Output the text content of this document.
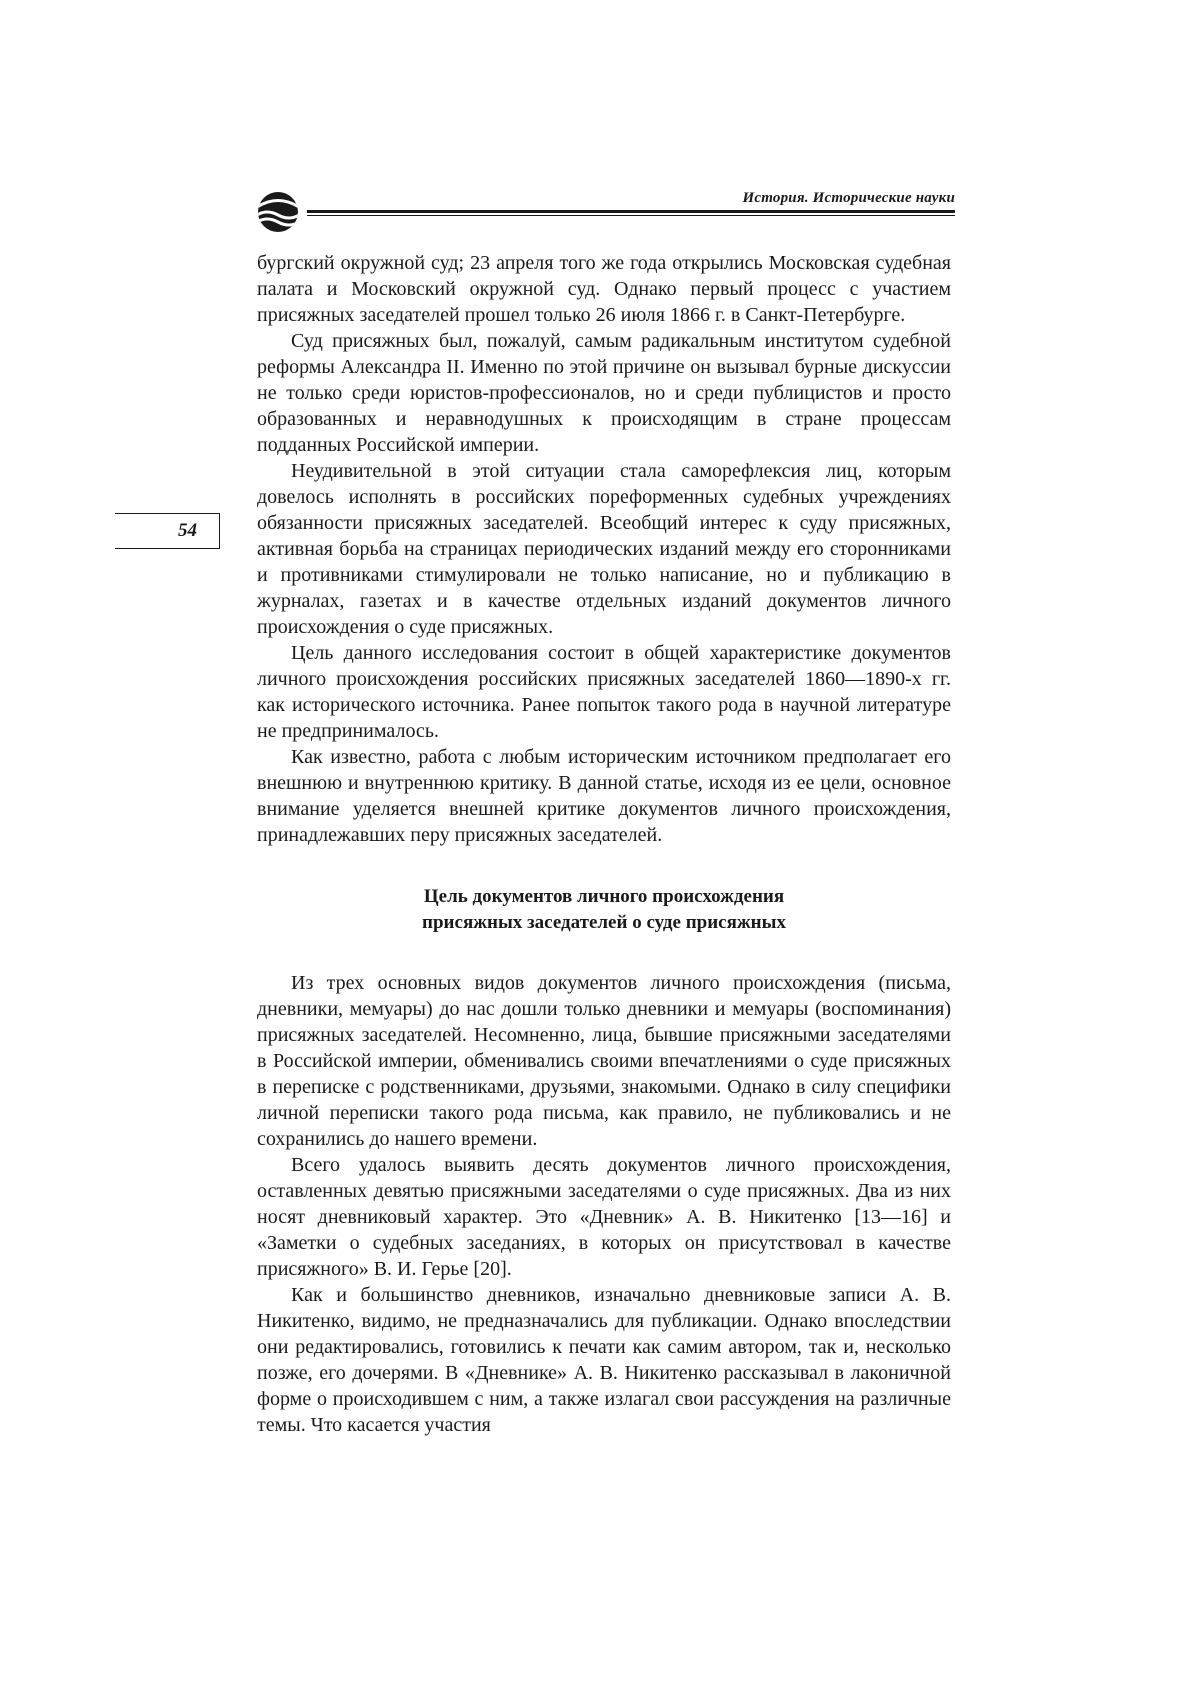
История. Исторические науки
54

бургский окружной суд; 23 апреля того же года открылись Московская судебная палата и Московский окружной суд. Однако первый процесс с участием присяжных заседателей прошел только 26 июля 1866 г. в Санкт-Петербурге.

Суд присяжных был, пожалуй, самым радикальным институтом судебной реформы Александра II. Именно по этой причине он вызывал бурные дискуссии не только среди юристов-профессионалов, но и среди публицистов и просто образованных и неравнодушных к происходящим в стране процессам подданных Российской империи.

Неудивительной в этой ситуации стала саморефлексия лиц, которым довелось исполнять в российских пореформенных судебных учреждениях обязанности присяжных заседателей. Всеобщий интерес к суду присяжных, активная борьба на страницах периодических изданий между его сторонниками и противниками стимулировали не только написание, но и публикацию в журналах, газетах и в качестве отдельных изданий документов личного происхождения о суде присяжных.

Цель данного исследования состоит в общей характеристике документов личного происхождения российских присяжных заседателей 1860—1890-х гг. как исторического источника. Ранее попыток такого рода в научной литературе не предпринималось.

Как известно, работа с любым историческим источником предполагает его внешнюю и внутреннюю критику. В данной статье, исходя из ее цели, основное внимание уделяется внешней критике документов личного происхождения, принадлежавших перу присяжных заседателей.

Цель документов личного происхождения
присяжных заседателей о суде присяжных

Из трех основных видов документов личного происхождения (письма, дневники, мемуары) до нас дошли только дневники и мемуары (воспоминания) присяжных заседателей. Несомненно, лица, бывшие присяжными заседателями в Российской империи, обменивались своими впечатлениями о суде присяжных в переписке с родственниками, друзьями, знакомыми. Однако в силу специфики личной переписки такого рода письма, как правило, не публиковались и не сохранились до нашего времени.

Всего удалось выявить десять документов личного происхождения, оставленных девятью присяжными заседателями о суде присяжных. Два из них носят дневниковый характер. Это «Дневник» А. В. Никитенко [13—16] и «Заметки о судебных заседаниях, в которых он присутствовал в качестве присяжного» В. И. Герье [20].

Как и большинство дневников, изначально дневниковые записи А. В. Никитенко, видимо, не предназначались для публикации. Однако впоследствии они редактировались, готовились к печати как самим автором, так и, несколько позже, его дочерями. В «Дневнике» А. В. Никитенко рассказывал в лаконичной форме о происходившем с ним, а также излагал свои рассуждения на различные темы. Что касается участия
